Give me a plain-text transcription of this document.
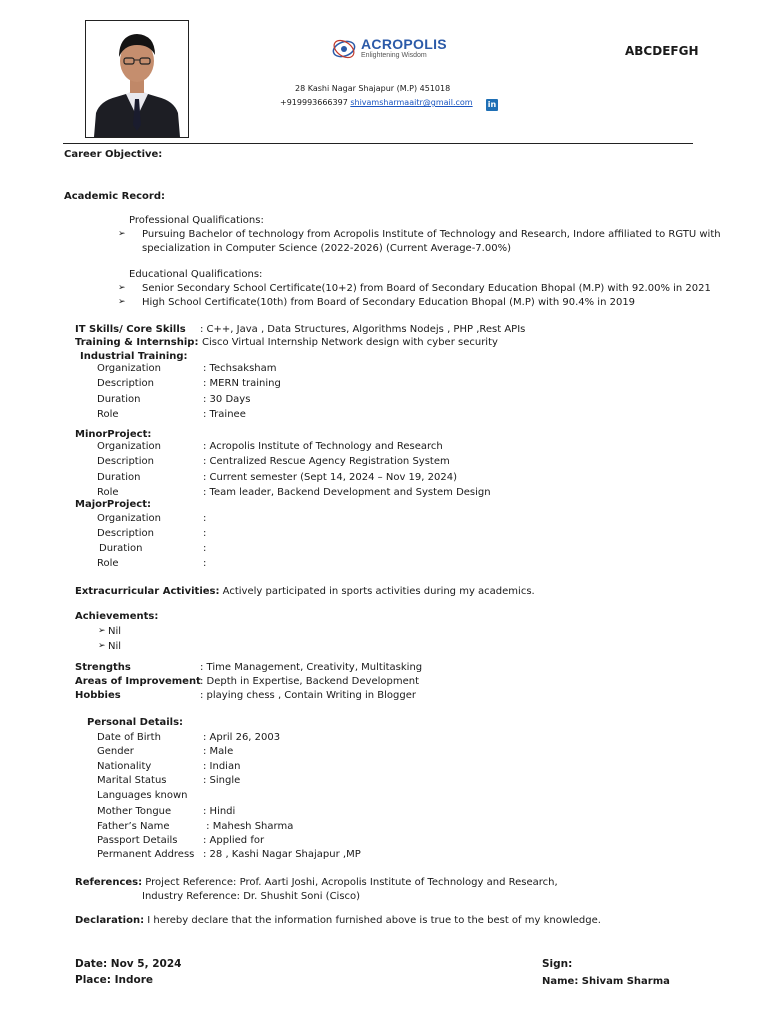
ACROPOLIS
Enlightening Wisdom	ABCDEFGH
28 Kashi Nagar Shajapur (M.P) 451018
+919993666397 shivamsharmaaitr@gmail.com in
Career Objective:
Academic Record:
Professional Qualifications:
➢ Pursuing Bachelor of technology from Acropolis Institute of Technology and Research, Indore affiliated to RGTU with
specialization in Computer Science (2022-2026) (Current Average-7.00%)
Educational Qualifications:
➢ Senior Secondary School Certificate(10+2) from Board of Secondary Education Bhopal (M.P) with 92.00% in 2021
➢ High School Certificate(10th) from Board of Secondary Education Bhopal (M.P) with 90.4% in 2019
IT Skills/ Core Skills : C++, Java , Data Structures, Algorithms Nodejs , PHP ,Rest APIs
Training & Internship: Cisco Virtual Internship Network design with cyber security
Industrial Training:
Organization	: Techsaksham
Description	: MERN training
Duration	: 30 Days
Role	: Trainee
MinorProject:
Organization	: Acropolis Institute of Technology and Research
Description	: Centralized Rescue Agency Registration System
Duration	: Current semester (Sept 14, 2024 – Nov 19, 2024)
Role	: Team leader, Backend Development and System Design
MajorProject:
Organization	:
Description	:
Duration	:
Role	:
Extracurricular Activities: Actively participated in sports activities during my academics.
Achievements:
➢ Nil
➢ Nil
Strengths	: Time Management, Creativity, Multitasking
Areas of Improvement : Depth in Expertise, Backend Development
Hobbies	: playing chess , Contain Writing in Blogger
Personal Details:
Date of Birth	: April 26, 2003
Gender	: Male
Nationality	: Indian
Marital Status	: Single
Languages known
Mother Tongue	: Hindi
Father’s Name	: Mahesh Sharma
Passport Details	: Applied for
Permanent Address : 28 , Kashi Nagar Shajapur ,MP
References: Project Reference: Prof. Aarti Joshi, Acropolis Institute of Technology and Research,
Industry Reference: Dr. Shushit Soni (Cisco)
Declaration: I hereby declare that the information furnished above is true to the best of my knowledge.
Date: Nov 5, 2024
Place: Indore
Sign:
Name: Shivam Sharma
